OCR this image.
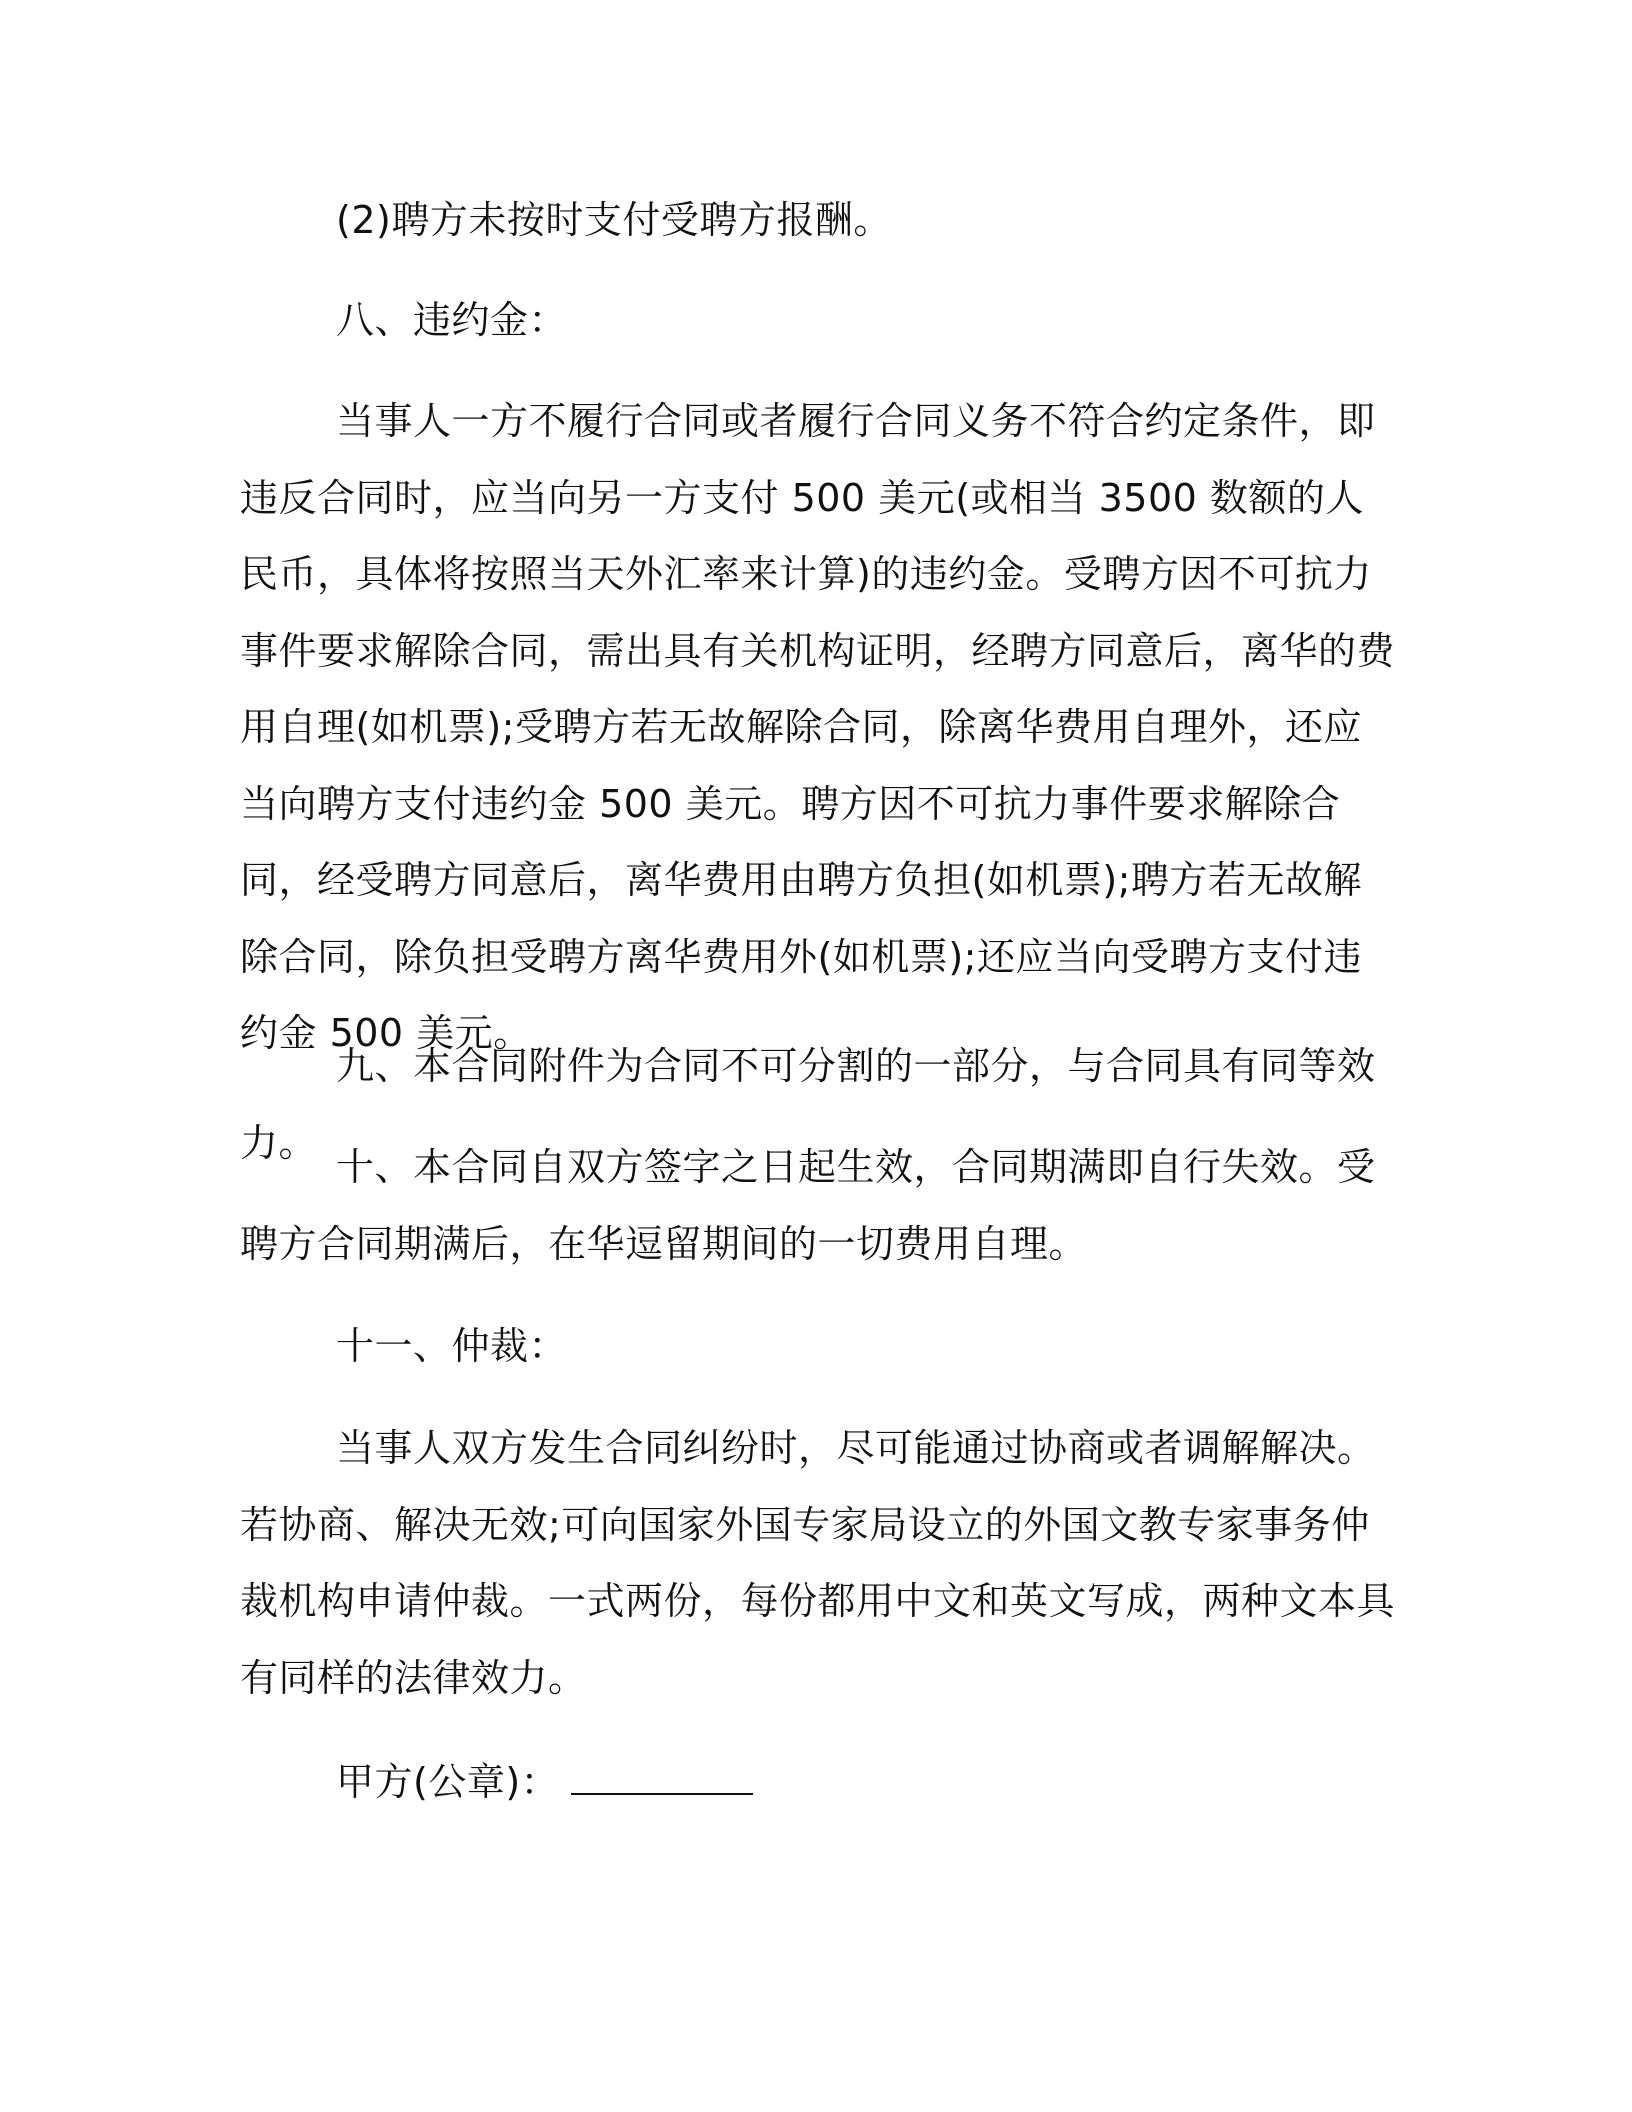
(2)聘方未按时支付受聘方报酬。

八、违约金：

当事人一方不履行合同或者履行合同义务不符合约定条件，即违反合同时，应当向另一方支付 500 美元(或相当 3500 数额的人民币，具体将按照当天外汇率来计算)的违约金。受聘方因不可抗力事件要求解除合同，需出具有关机构证明，经聘方同意后，离华的费用自理(如机票);受聘方若无故解除合同，除离华费用自理外，还应当向聘方支付违约金 500 美元。聘方因不可抗力事件要求解除合同，经受聘方同意后，离华费用由聘方负担(如机票);聘方若无故解除合同，除负担受聘方离华费用外(如机票);还应当向受聘方支付违约金 500 美元。

九、本合同附件为合同不可分割的一部分，与合同具有同等效力。

十、本合同自双方签字之日起生效，合同期满即自行失效。受聘方合同期满后，在华逗留期间的一切费用自理。

十一、仲裁：

当事人双方发生合同纠纷时，尽可能通过协商或者调解解决。若协商、解决无效;可向国家外国专家局设立的外国文教专家事务仲裁机构申请仲裁。一式两份，每份都用中文和英文写成，两种文本具有同样的法律效力。

甲方(公章)：
